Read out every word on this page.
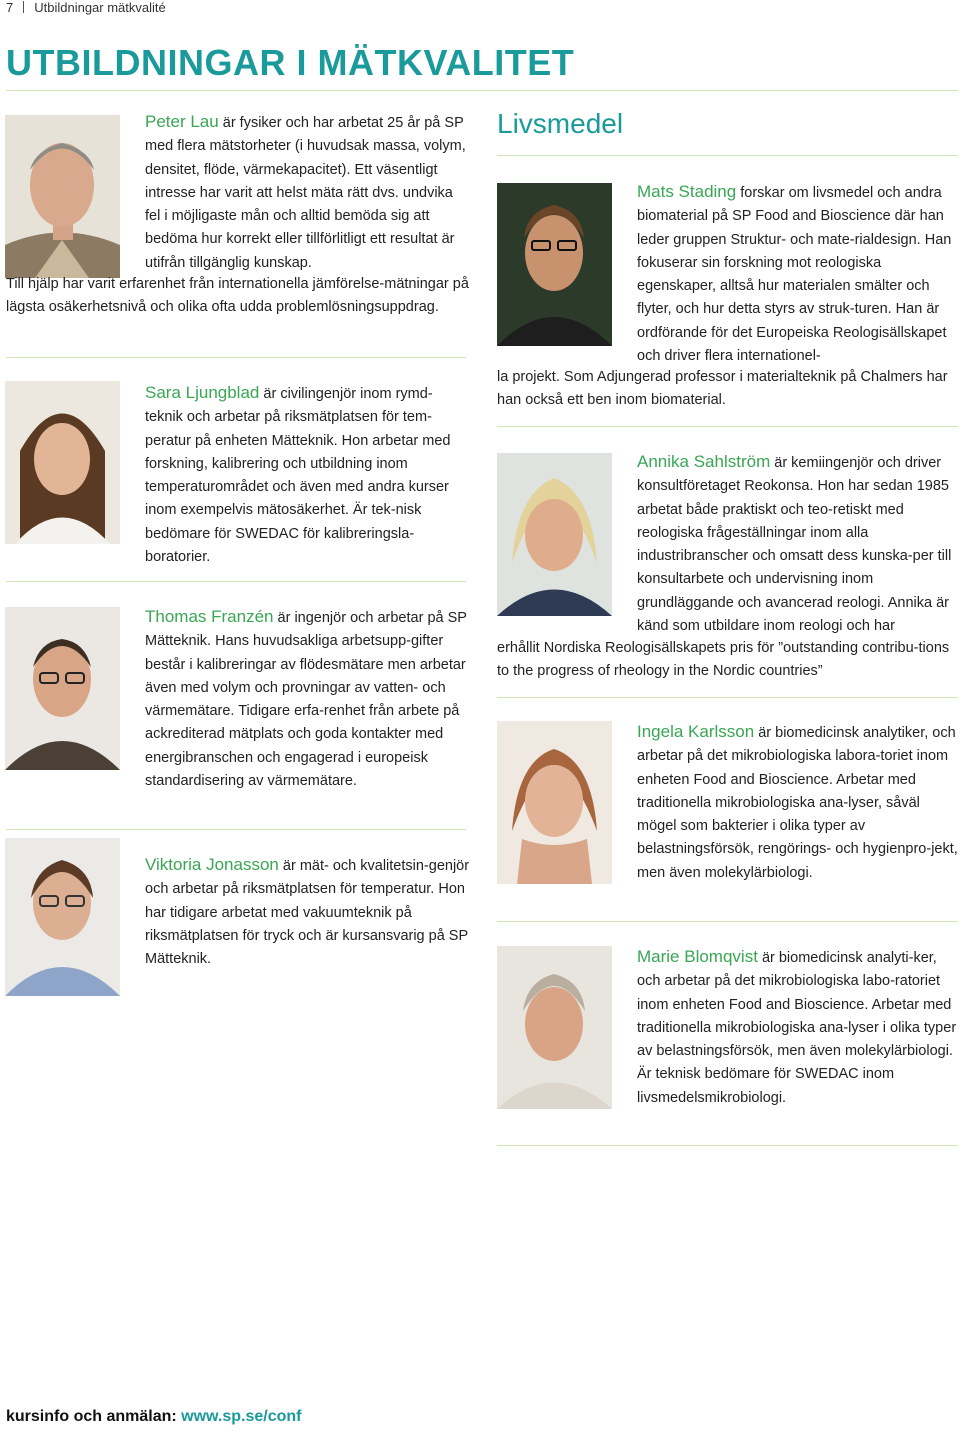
7 Utbildningar mätkvalité
UTBILDNINGAR I MÄTKVALITET

Peter Lau är fysiker och har arbetat 25 år på SP med flera mätstorheter (i huvudsak massa, volym, densitet, flöde, värmekapacitet). Ett väsentligt intresse har varit att helst mäta rätt dvs. undvika fel i möjligaste mån och alltid bemöda sig att bedöma hur korrekt eller tillförlitligt ett resultat är utifrån tillgänglig kunskap.

Till hjälp har varit erfarenhet från internationella jämförelse-mätningar på lägsta osäkerhetsnivå och olika ofta udda problemlösningsuppdrag.

Sara Ljungblad är civilingenjör inom rymd-teknik och arbetar på riksmätplatsen för tem-peratur på enheten Mätteknik. Hon arbetar med forskning, kalibrering och utbildning inom temperaturområdet och även med andra kurser inom exempelvis mätosäkerhet. Är tek-nisk bedömare för SWEDAC för kalibreringsla-boratorier.

Thomas Franzén är ingenjör och arbetar på SP Mätteknik. Hans huvudsakliga arbetsupp-gifter består i kalibreringar av flödesmätare men arbetar även med volym och provningar av vatten- och värmemätare. Tidigare erfa-renhet från arbete på ackrediterad mätplats och goda kontakter med energibranschen och engagerad i europeisk standardisering av värmemätare.

Viktoria Jonasson är mät- och kvalitetsin-genjör och arbetar på riksmätplatsen för temperatur. Hon har tidigare arbetat med vakuumteknik på riksmätplatsen för tryck och är kursansvarig på SP Mätteknik.

Livsmedel

Mats Stading forskar om livsmedel och andra biomaterial på SP Food and Bioscience där han leder gruppen Struktur- och mate-rialdesign. Han fokuserar sin forskning mot reologiska egenskaper, alltså hur materialen smälter och flyter, och hur detta styrs av struk-turen. Han är ordförande för det Europeiska Reologisällskapet och driver flera internationel-

la projekt. Som Adjungerad professor i materialteknik på Chalmers har han också ett ben inom biomaterial.

Annika Sahlström är kemiingenjör och driver konsultföretaget Reokonsa. Hon har sedan 1985 arbetat både praktiskt och teo-retiskt med reologiska frågeställningar inom alla industribranscher och omsatt dess kunska-per till konsultarbete och undervisning inom grundläggande och avancerad reologi. Annika är känd som utbildare inom reologi och har

erhållit Nordiska Reologisällskapets pris för ”outstanding contribu-tions to the progress of rheology in the Nordic countries”

Ingela Karlsson är biomedicinsk analytiker, och arbetar på det mikrobiologiska labora-toriet inom enheten Food and Bioscience. Arbetar med traditionella mikrobiologiska ana-lyser, såväl mögel som bakterier i olika typer av belastningsförsök, rengörings- och hygienpro-jekt, men även molekylärbiologi.

Marie Blomqvist är biomedicinsk analyti-ker, och arbetar på det mikrobiologiska labo-ratoriet inom enheten Food and Bioscience. Arbetar med traditionella mikrobiologiska ana-lyser i olika typer av belastningsförsök, men även molekylärbiologi. Är teknisk bedömare för SWEDAC inom livsmedelsmikrobiologi.

kursinfo och anmälan: www.sp.se/conf
